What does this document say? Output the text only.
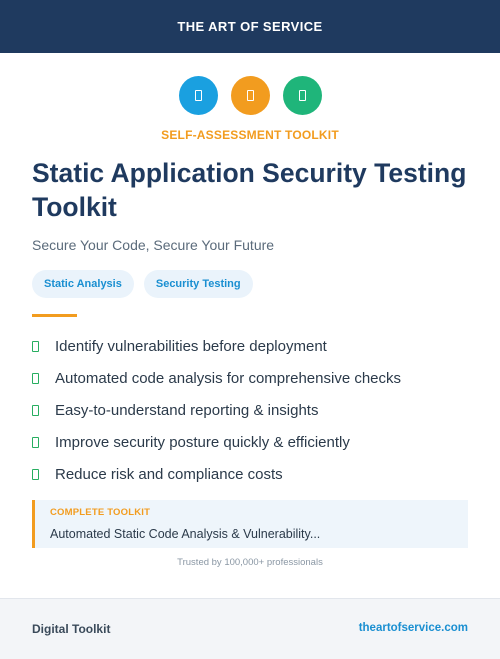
THE ART OF SERVICE
SELF-ASSESSMENT TOOLKIT
Static Application Security Testing Toolkit
Secure Your Code, Secure Your Future
Static Analysis	Security Testing
Identify vulnerabilities before deployment
Automated code analysis for comprehensive checks
Easy-to-understand reporting & insights
Improve security posture quickly & efficiently
Reduce risk and compliance costs
COMPLETE TOOLKIT
Automated Static Code Analysis & Vulnerability...
Trusted by 100,000+ professionals
Digital Toolkit	theartofservice.com
